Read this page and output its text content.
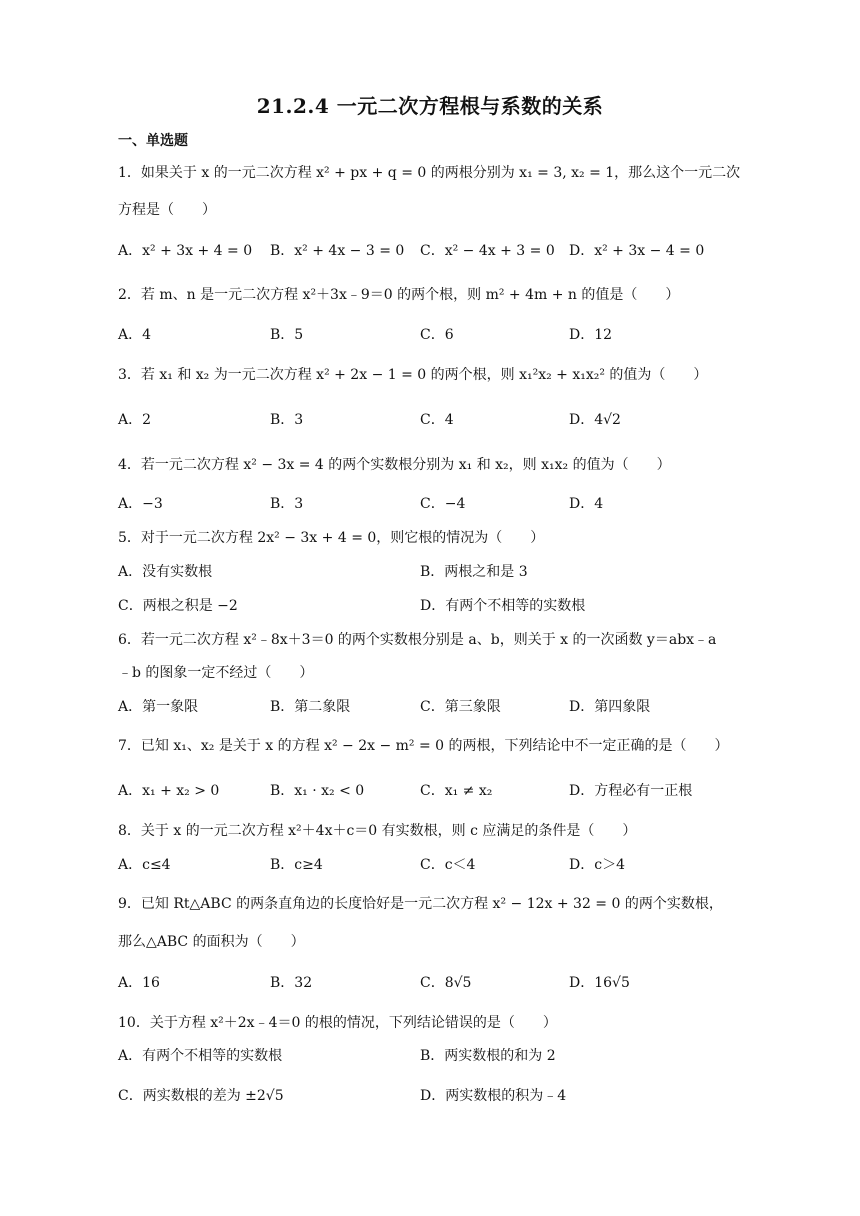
21.2.4 一元二次方程根与系数的关系
一、单选题
1．如果关于 x 的一元二次方程 x² + px + q = 0 的两根分别为 x₁ = 3, x₂ = 1，那么这个一元二次
方程是（　　）
A．x² + 3x + 4 = 0 B．x² + 4x − 3 = 0 C．x² − 4x + 3 = 0 D．x² + 3x − 4 = 0
2．若 m、n 是一元二次方程 x²＋3x﹣9＝0 的两个根，则 m² + 4m + n 的值是（　　）
A．4	B．5	C．6	D．12
3．若 x₁ 和 x₂ 为一元二次方程 x² + 2x − 1 = 0 的两个根，则 x₁²x₂ + x₁x₂² 的值为（　　）
A．2	B．3	C．4	D．4√2
4．若一元二次方程 x² − 3x = 4 的两个实数根分别为 x₁ 和 x₂，则 x₁x₂ 的值为（　　）
A．−3	B．3	C．−4	D．4
5．对于一元二次方程 2x² − 3x + 4 = 0，则它根的情况为（　　）
A．没有实数根	B．两根之和是 3
C．两根之积是 −2	D．有两个不相等的实数根
6．若一元二次方程 x²﹣8x＋3＝0 的两个实数根分别是 a、b，则关于 x 的一次函数 y＝abx﹣a
﹣b 的图象一定不经过（　　）
A．第一象限	B．第二象限	C．第三象限	D．第四象限
7．已知 x₁、x₂ 是关于 x 的方程 x² − 2x − m² = 0 的两根，下列结论中不一定正确的是（　　）
A．x₁ + x₂ > 0	B．x₁ · x₂ < 0	C．x₁ ≠ x₂	D．方程必有一正根
8．关于 x 的一元二次方程 x²＋4x＋c＝0 有实数根，则 c 应满足的条件是（　　）
A．c≤4	B．c≥4	C．c＜4	D．c＞4
9．已知 Rt△ABC 的两条直角边的长度恰好是一元二次方程 x² − 12x + 32 = 0 的两个实数根，
那么△ABC 的面积为（　　）
A．16	B．32	C．8√5	D．16√5
10．关于方程 x²＋2x﹣4＝0 的根的情况，下列结论错误的是（　　）
A．有两个不相等的实数根	B．两实数根的和为 2
C．两实数根的差为 ±2√5	D．两实数根的积为﹣4
